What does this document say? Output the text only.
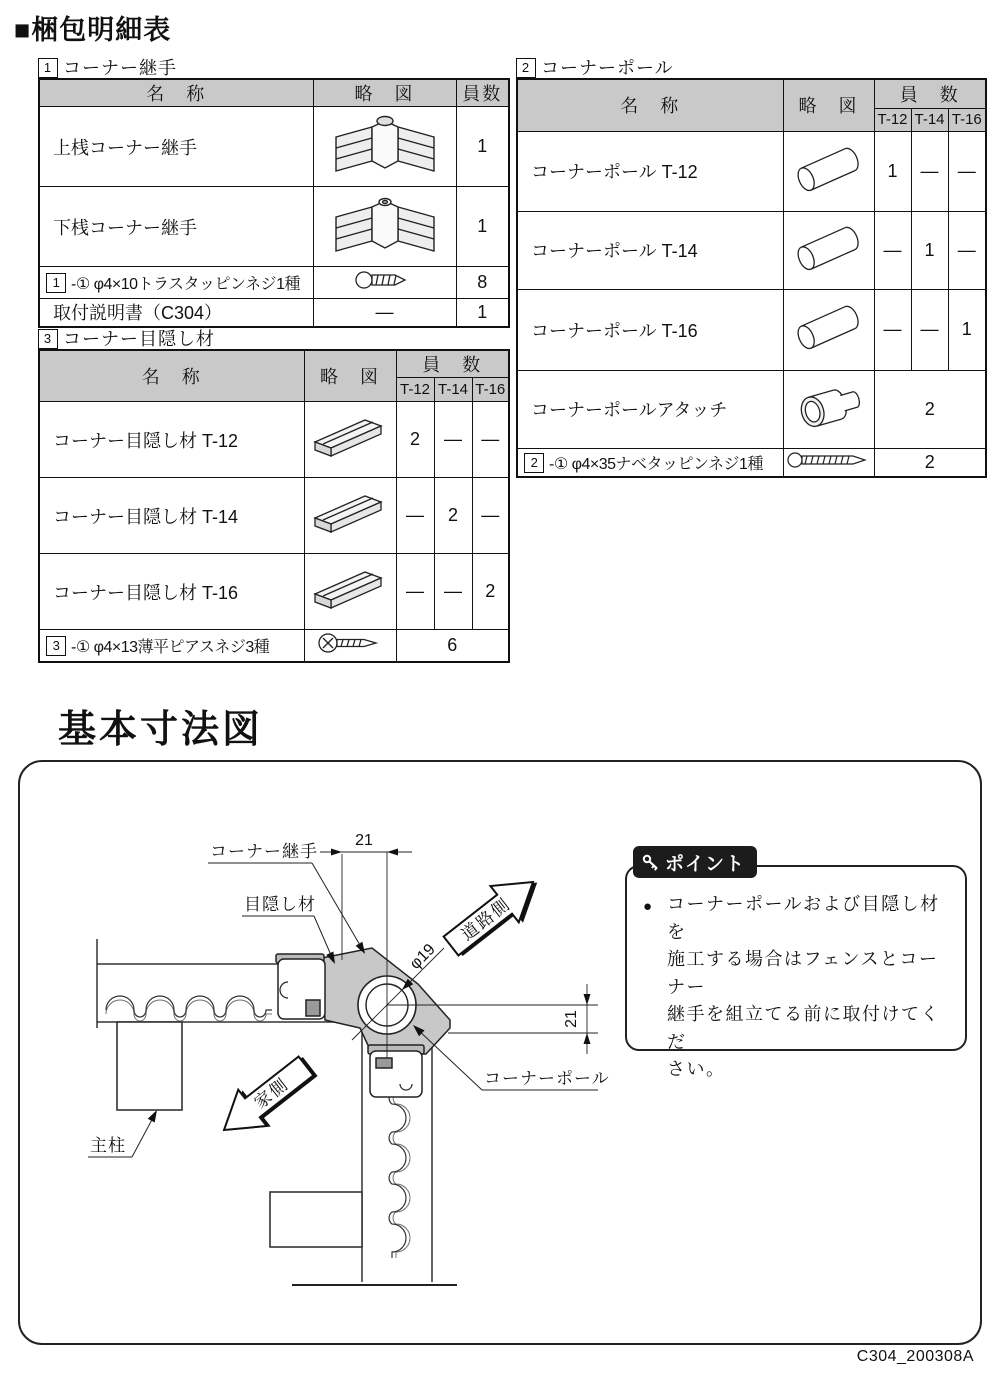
■梱包明細表
1 コーナー継手
名　称	略　図	員数
上桟コーナー継手		1
下桟コーナー継手		1
1 -① φ4×10トラスタッピンネジ1種		8
取付説明書（C304）	—	1
3 コーナー目隠し材
名　称	略　図	員　数		
		T-12	T-14	T-16
コーナー目隠し材 T-12		2	—	—
コーナー目隠し材 T-14		—	2	—
コーナー目隠し材 T-16		—	—	2
3 -① φ4×13薄平ピアスネジ3種		6		
2 コーナーポール
名　称	略　図	員　数		
		T-12	T-14	T-16
コーナーポール T-12		1	—	—
コーナーポール T-14		—	1	—
コーナーポール T-16		—	—	1
コーナーポールアタッチ		2		
2 -① φ4×35ナベタッピンネジ1種		2		
基本寸法図
21
21
φ19
コーナー継手
目隠し材
主柱
コーナーポール
道路側
家側
ポイント
● コーナーポールおよび目隠し材を
施工する場合はフェンスとコーナー
継手を組立てる前に取付けてくだ
さい。
C304_200308A
